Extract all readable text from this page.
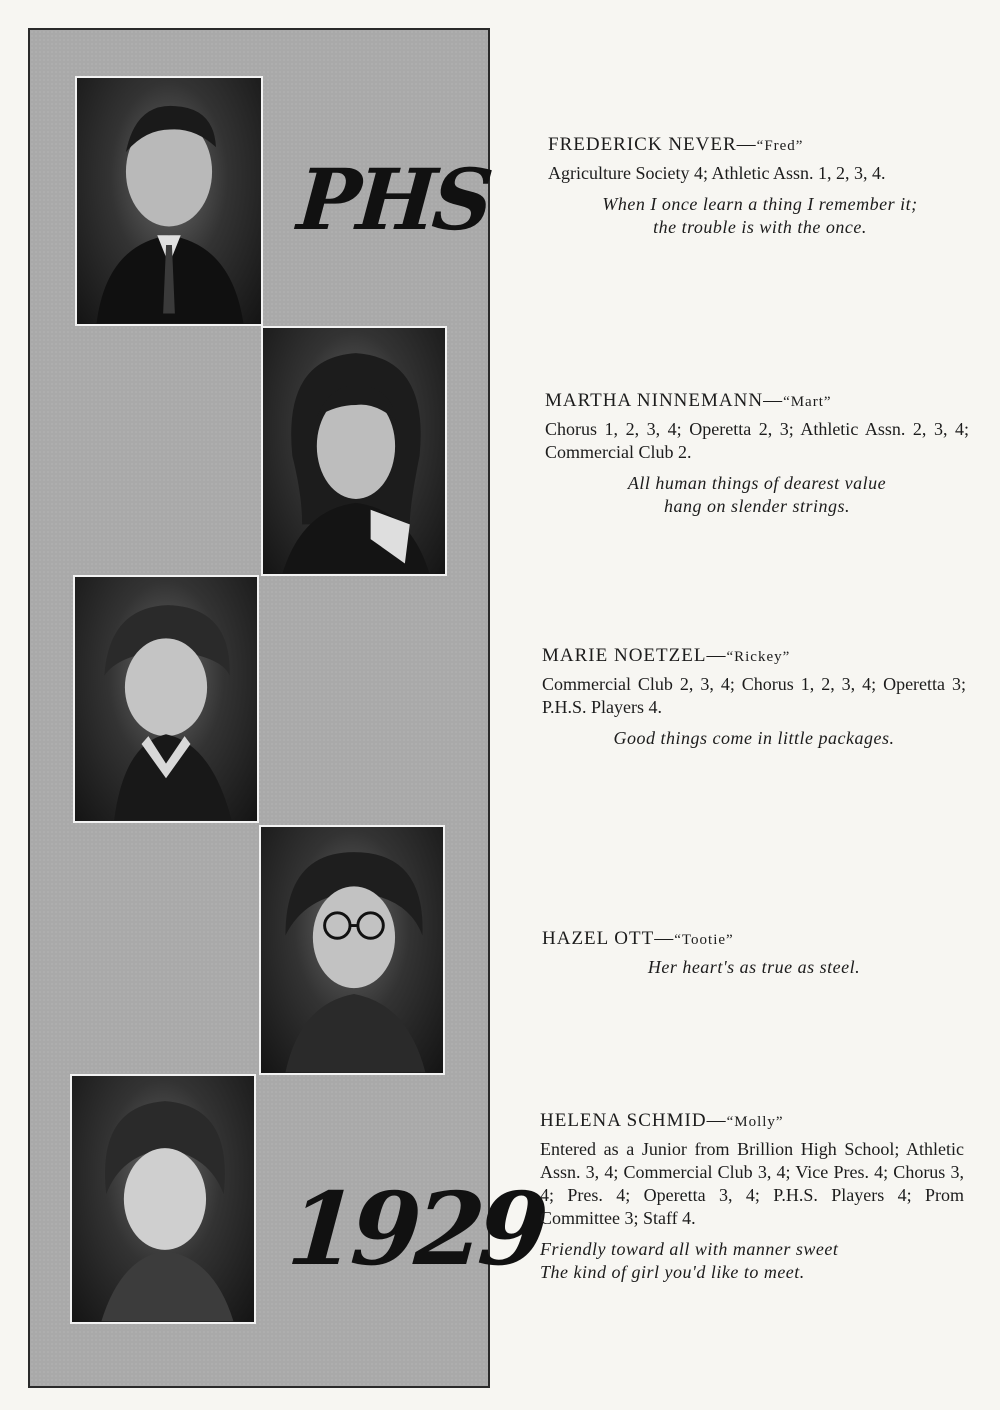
PHS
1929

FREDERICK NEVER—“Fred”

Agriculture Society 4; Athletic Assn. 1, 2, 3, 4.

When I once learn a thing I remember it;
the trouble is with the once.

MARTHA NINNEMANN—“Mart”

Chorus 1, 2, 3, 4; Operetta 2, 3; Athletic Assn. 2, 3, 4; Commercial Club 2.

All human things of dearest value
hang on slender strings.

MARIE NOETZEL—“Rickey”

Commercial Club 2, 3, 4; Chorus 1, 2, 3, 4; Operetta 3; P.H.S. Players 4.

Good things come in little packages.

HAZEL OTT—“Tootie”

Her heart's as true as steel.

HELENA SCHMID—“Molly”

Entered as a Junior from Brillion High School; Athletic Assn. 3, 4; Commercial Club 3, 4; Vice Pres. 4; Chorus 3, 4; Pres. 4; Operetta 3, 4; P.H.S. Players 4; Prom Committee 3; Staff 4.

Friendly toward all with manner sweet
The kind of girl you'd like to meet.
